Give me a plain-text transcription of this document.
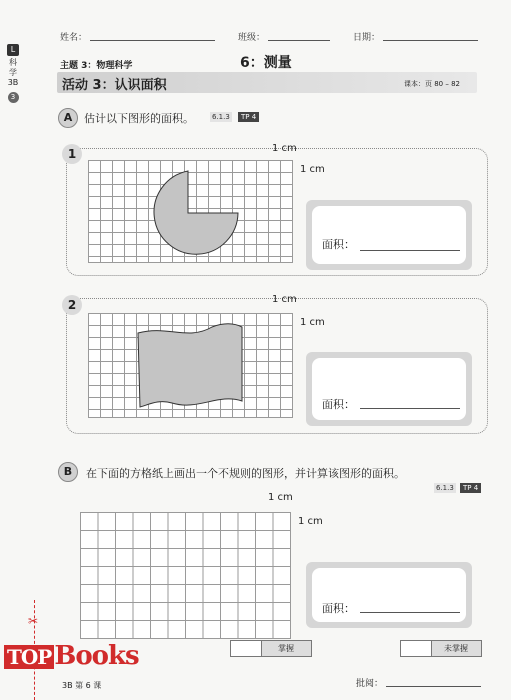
姓名：	班级：	日期：
L
科学
3B
3
主题 3：物理科学	6：测量
活动 3：认识面积	课本：页 80 – 82
A	估计以下图形的面积。	6.1.3	TP 4
1	1 cm
1 cm
面积：
2	1 cm
1 cm
面积：
B	在下面的方格纸上画出一个不规则的图形，并计算该图形的面积。
6.1.3	TP 4
1 cm
1 cm
面积：
掌握	未掌握
3B 第 6 课	批阅：
✂
TOP Books
